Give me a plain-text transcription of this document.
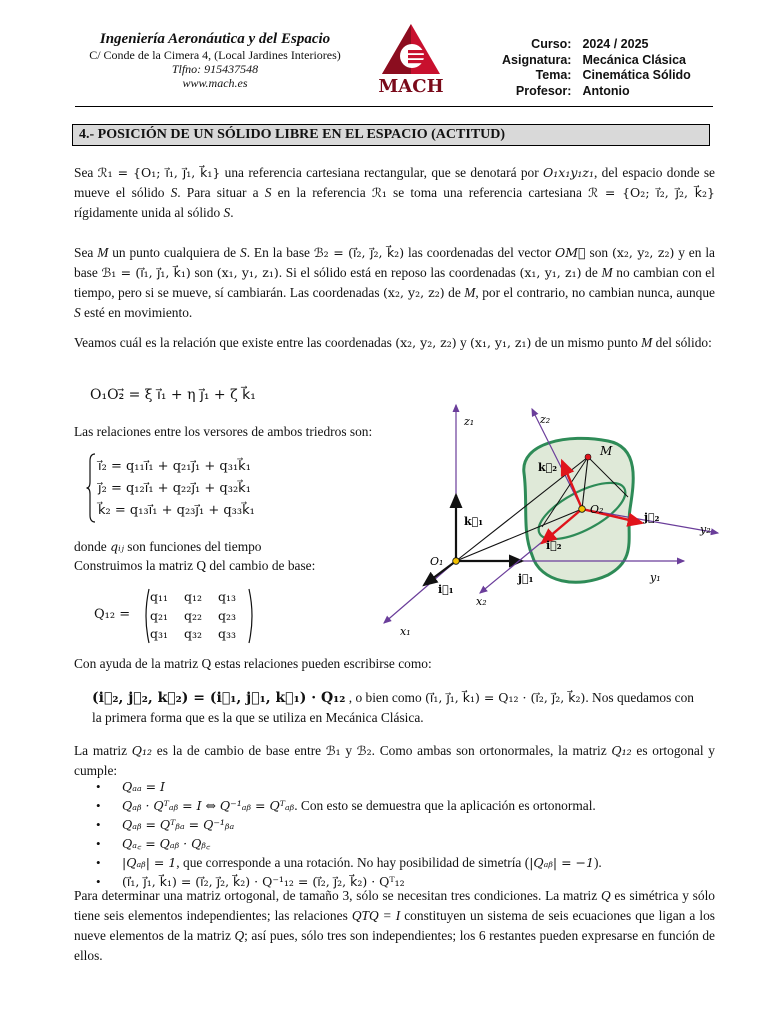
Ingeniería Aeronáutica y del Espacio
C/ Conde de la Cimera 4, (Local Jardines Interiores)
Tlfno: 915437548
www.mach.es	MACH
Curso:	2024 / 2025
Asignatura:	Mecánica Clásica
Tema:	Cinemática Sólido
Profesor:	Antonio
4.- POSICIÓN DE UN SÓLIDO LIBRE EN EL ESPACIO (ACTITUD)
Sea ℛ₁ = {O₁; i⃗₁, j⃗₁, k⃗₁} una referencia cartesiana rectangular, que se denotará por O₁x₁y₁z₁, del espacio donde se mueve el sólido S. Para situar a S en la referencia ℛ₁ se toma una referencia cartesiana ℛ = {O₂; i⃗₂, j⃗₂, k⃗₂} rígidamente unida al sólido S.
Sea M un punto cualquiera de S. En la base ℬ₂ = (i⃗₂, j⃗₂, k⃗₂) las coordenadas del vector OM⃗ son (x₂, y₂, z₂) y en la base ℬ₁ = (i⃗₁, j⃗₁, k⃗₁) son (x₁, y₁, z₁). Si el sólido está en reposo las coordenadas (x₁, y₁, z₁) de M no cambian con el tiempo, pero si se mueve, sí cambiarán. Las coordenadas (x₂, y₂, z₂) de M, por el contrario, no cambian nunca, aunque S esté en movimiento.
Veamos cuál es la relación que existe entre las coordenadas (x₂, y₂, z₂) y (x₁, y₁, z₁) de un mismo punto M del sólido:
O₁O₂⃗ = ξ i⃗₁ + η j⃗₁ + ζ k⃗₁
Las relaciones entre los versores de ambos triedros son:
i⃗₂ = q₁₁i⃗₁ + q₂₁j⃗₁ + q₃₁k⃗₁
j⃗₂ = q₁₂i⃗₁ + q₂₂j⃗₁ + q₃₂k⃗₁
k⃗₂ = q₁₃i⃗₁ + q₂₃j⃗₁ + q₃₃k⃗₁
donde qᵢⱼ son funciones del tiempo
Construimos la matriz Q del cambio de base:
Q₁₂ =
q₁₁ q₁₂ q₁₃
q₂₁ q₂₂ q₂₃
q₃₁ q₃₂ q₃₃
z₁	z₂
M
k⃗₂
O₂
j⃗₂
y₂
k⃗₁
O₁
i⃗₂
j⃗₁	y₁
i⃗₁
x₂
x₁
Con ayuda de la matriz Q estas relaciones pueden escribirse como:
(i⃗₂, j⃗₂, k⃗₂) = (i⃗₁, j⃗₁, k⃗₁) · Q₁₂ , o bien como (i⃗₁, j⃗₁, k⃗₁) = Q₁₂ · (i⃗₂, j⃗₂, k⃗₂). Nos quedamos con
la primera forma que es la que se utiliza en Mecánica Clásica.
La matriz Q₁₂ es la de cambio de base entre ℬ₁ y ℬ₂. Como ambas son ortonormales, la matriz Q₁₂ es ortogonal y cumple:
• Qₐₐ = I
• Qₐᵦ · Qᵀₐᵦ = I ⇔ Q⁻¹ₐᵦ = Qᵀₐᵦ. Con esto se demuestra que la aplicación es ortonormal.
• Qₐᵦ = Qᵀᵦₐ = Q⁻¹ᵦₐ
• Qₐ꜀ = Qₐᵦ · Qᵦ꜀
• |Qₐᵦ| = 1, que corresponde a una rotación. No hay posibilidad de simetría (|Qₐᵦ| = −1).
• (i⃗₁, j⃗₁, k⃗₁) = (i⃗₂, j⃗₂, k⃗₂) · Q⁻¹₁₂ = (i⃗₂, j⃗₂, k⃗₂) · Qᵀ₁₂
Para determinar una matriz ortogonal, de tamaño 3, sólo se necesitan tres condiciones. La matriz Q es simétrica y sólo tiene seis elementos independientes; las relaciones QTQ = I constituyen un sistema de seis ecuaciones que ligan a los nueve elementos de la matriz Q; así pues, sólo tres son independientes; los 6 restantes pueden expresarse en función de ellos.
